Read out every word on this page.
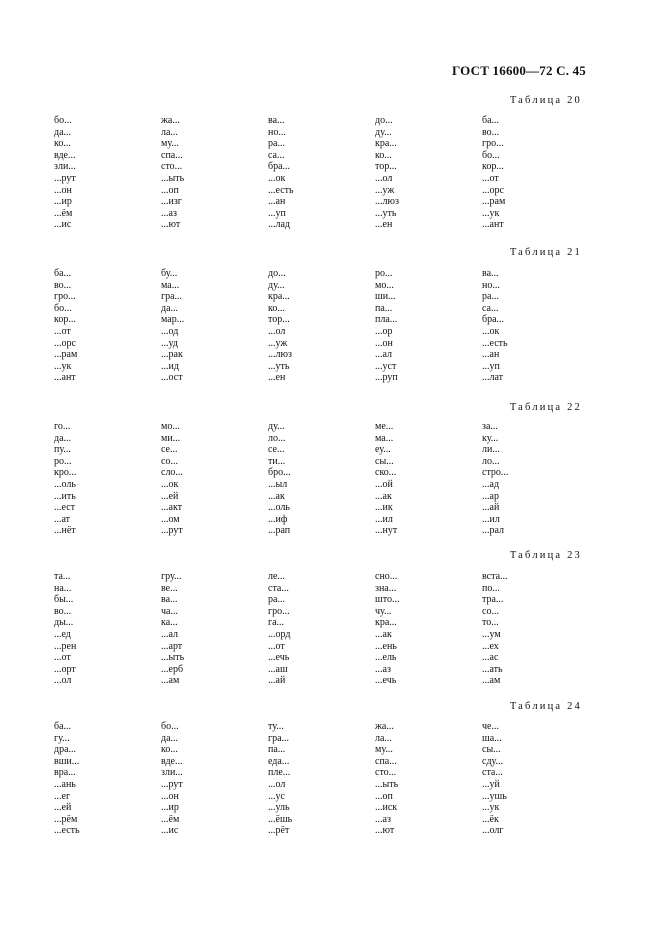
ГОСТ 16600—72 С. 45
Таблица 20
бо...
да...
ко...
вде...
зли...
...рут
...он
...ир
...ём
...ис
жа...
ла...
му...
спа...
сто...
...ыть
...оп
...изг
...аз
...ют
ва...
но...
ра...
са...
бра...
...ок
...есть
...ан
...уп
...лад
до...
ду...
кра...
ко...
тор...
...ол
...уж
...люз
...уть
...ен
ба...
во...
гро...
бо...
кор...
...от
...орс
...рам
...ук
...ант
Таблица 21
ба...
во...
гро...
бо...
кор...
...от
...орс
...рам
...ук
...ант
бу...
ма...
гра...
да...
мар...
...од
...уд
...рак
...ид
...ост
до...
ду...
кра...
ко...
тор...
...ол
...уж
...люз
...уть
...ен
ро...
мо...
ши...
па...
пла...
...ор
...он
...ал
...уст
...руп
ва...
но...
ра...
са...
бра...
...ок
...есть
...ан
...уп
...лат
Таблица 22
го...
да...
пу...
ро...
кро...
...оль
...ить
...ест
...ат
...нёт
мо...
ми...
се...
со...
сло...
...ок
...ей
...акт
...ом
...рут
ду...
ло...
се...
ти...
бро...
...ыл
...ак
...оль
...иф
...рап
ме...
ма...
еу...
сы...
ско...
...ой
...ак
...ик
...ил
...нут
за...
ку...
ли...
ло...
стро...
...ад
...ар
...ай
...ил
...рал
Таблица 23
та...
на...
бы...
во...
ды...
...ед
...рен
...от
...орт
...ол
гру...
ве...
ва...
ча...
ка...
...ал
...арт
...ыть
...ерб
...ам
ле...
ста...
ра...
гро...
га...
...орд
...от
...ечь
...аш
...ай
сно...
зна...
што...
чу...
кра...
...ак
...ень
...ель
...аз
...ечь
вста...
по...
тра...
со...
то...
...ум
...ех
...ас
...ать
...ам
Таблица 24
ба...
гу...
дра...
вши...
вра...
...ань
...ег
...ей
...рём
...есть
бо...
да...
ко...
вде...
зли...
...рут
...он
...ир
...ём
...ис
ту...
гра...
па...
еда...
пле...
...ол
...ус
...уль
...ёшь
...рёт
жа...
ла...
му...
спа...
сто...
...ыть
...оп
...иск
...аз
...ют
че...
ша...
сы...
сду...
ста...
...уй
...ушь
...ук
...ёк
...олг
